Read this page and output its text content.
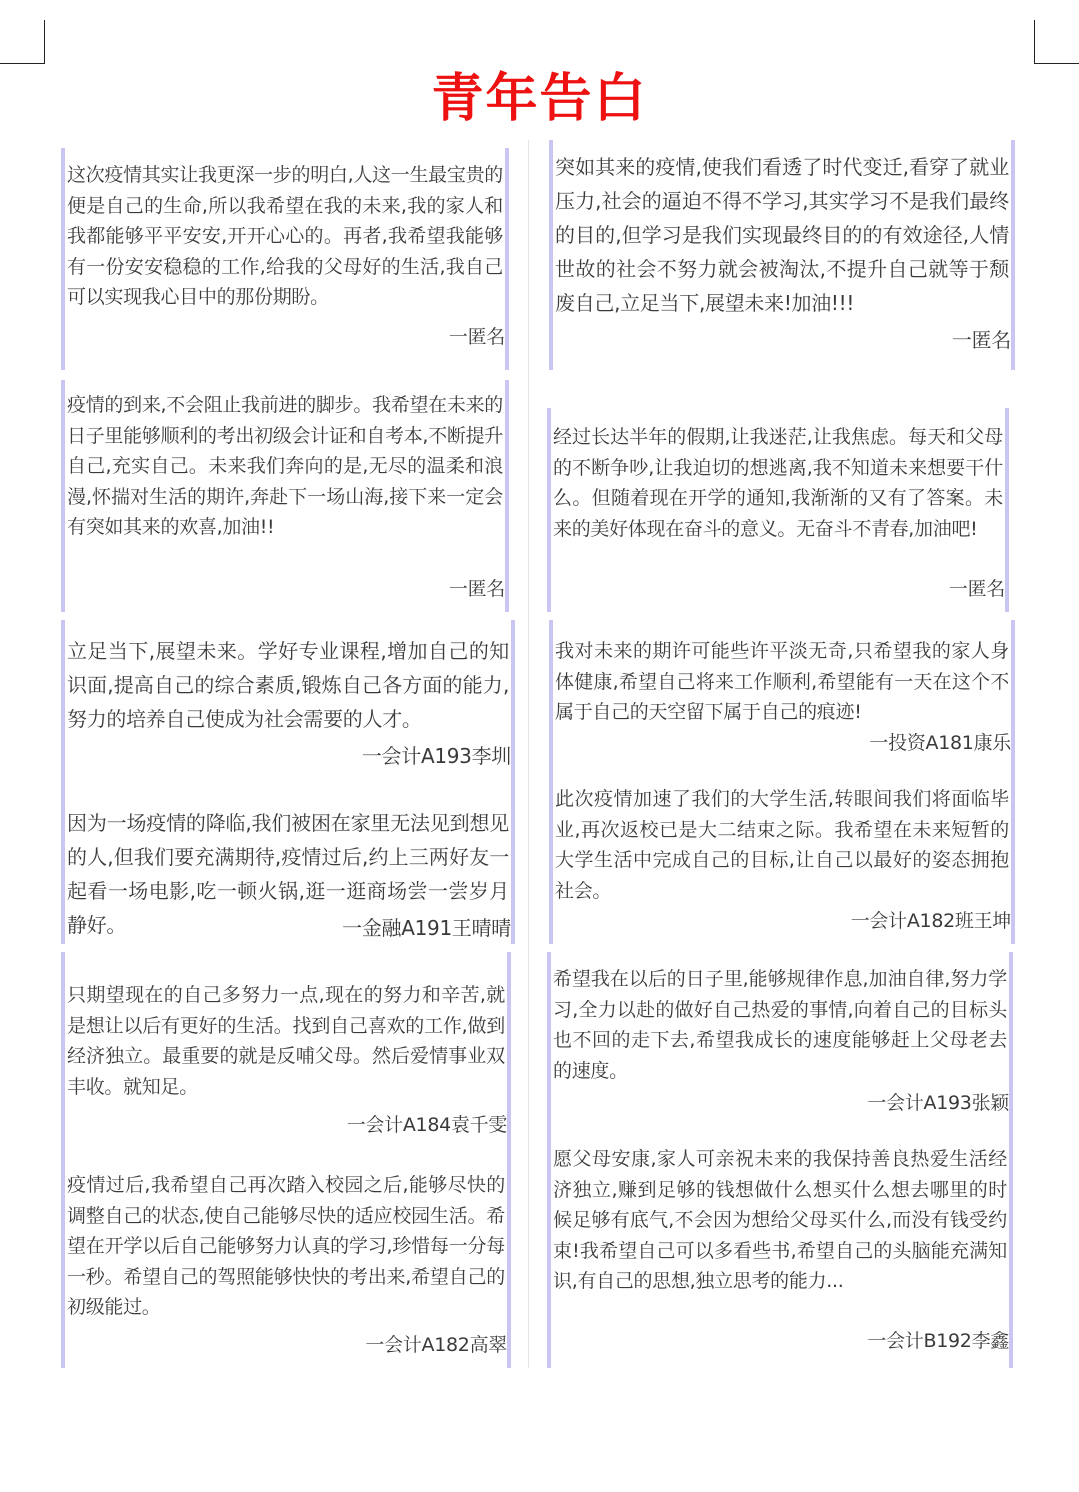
青年告白

这次疫情其实让我更深一步的明白,人这一生最宝贵的便是自己的生命,所以我希望在我的未来,我的家人和我都能够平平安安,开开心心的。再者,我希望我能够有一份安安稳稳的工作,给我的父母好的生活,我自己可以实现我心目中的那份期盼。

一匿名

突如其来的疫情,使我们看透了时代变迁,看穿了就业压力,社会的逼迫不得不学习,其实学习不是我们最终的目的,但学习是我们实现最终目的的有效途径,人情世故的社会不努力就会被淘汰,不提升自己就等于颓废自己,立足当下,展望未来!加油!!!

一匿名

疫情的到来,不会阻止我前进的脚步。我希望在未来的日子里能够顺利的考出初级会计证和自考本,不断提升自己,充实自己。未来我们奔向的是,无尽的温柔和浪漫,怀揣对生活的期许,奔赴下一场山海,接下来一定会有突如其来的欢喜,加油!!

一匿名

经过长达半年的假期,让我迷茫,让我焦虑。每天和父母的不断争吵,让我迫切的想逃离,我不知道未来想要干什么。但随着现在开学的通知,我渐渐的又有了答案。未来的美好体现在奋斗的意义。无奋斗不青春,加油吧!

一匿名

立足当下,展望未来。学好专业课程,增加自己的知识面,提高自己的综合素质,锻炼自己各方面的能力,努力的培养自己使成为社会需要的人才。

一会计A193李圳

因为一场疫情的降临,我们被困在家里无法见到想见的人,但我们要充满期待,疫情过后,约上三两好友一起看一场电影,吃一顿火锅,逛一逛商场尝一尝岁月静好。	一金融A191王晴晴

我对未来的期许可能些许平淡无奇,只希望我的家人身体健康,希望自己将来工作顺利,希望能有一天在这个不属于自己的天空留下属于自己的痕迹!

一投资A181康乐

此次疫情加速了我们的大学生活,转眼间我们将面临毕业,再次返校已是大二结束之际。我希望在未来短暂的大学生活中完成自己的目标,让自己以最好的姿态拥抱社会。

一会计A182班王坤

只期望现在的自己多努力一点,现在的努力和辛苦,就是想让以后有更好的生活。找到自己喜欢的工作,做到经济独立。最重要的就是反哺父母。然后爱情事业双丰收。就知足。

一会计A184袁千雯

疫情过后,我希望自己再次踏入校园之后,能够尽快的调整自己的状态,使自己能够尽快的适应校园生活。希望在开学以后自己能够努力认真的学习,珍惜每一分每一秒。希望自己的驾照能够快快的考出来,希望自己的初级能过。

一会计A182高翠

希望我在以后的日子里,能够规律作息,加油自律,努力学习,全力以赴的做好自己热爱的事情,向着自己的目标头也不回的走下去,希望我成长的速度能够赶上父母老去的速度。

一会计A193张颖

愿父母安康,家人可亲祝未来的我保持善良热爱生活经济独立,赚到足够的钱想做什么想买什么想去哪里的时候足够有底气,不会因为想给父母买什么,而没有钱受约束!我希望自己可以多看些书,希望自己的头脑能充满知识,有自己的思想,独立思考的能力...

一会计B192李鑫
